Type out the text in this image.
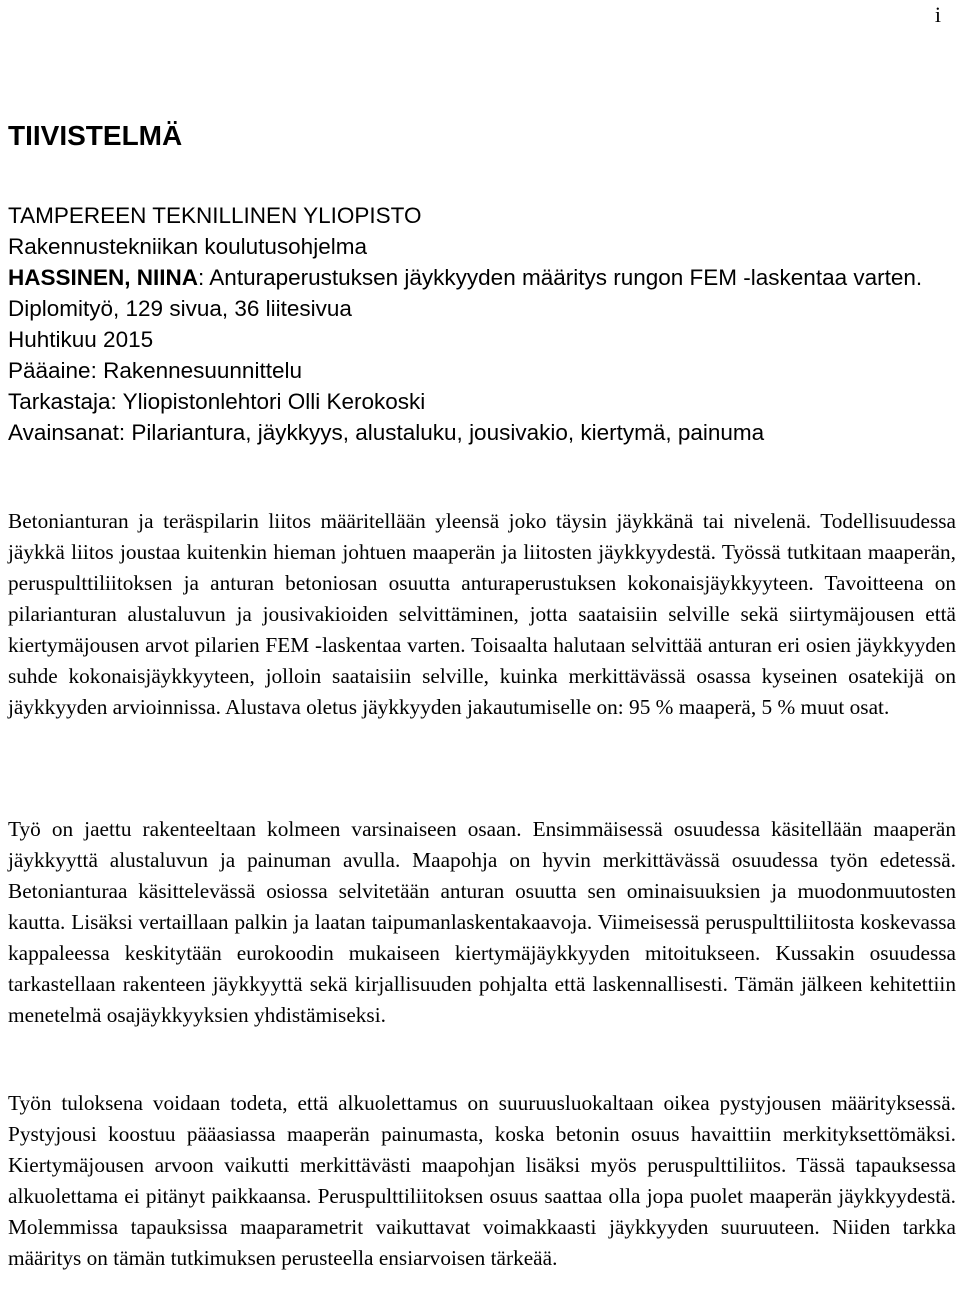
i
TIIVISTELMÄ
TAMPEREEN TEKNILLINEN YLIOPISTO
Rakennustekniikan koulutusohjelma
HASSINEN, NIINA: Anturaperustuksen jäykkyyden määritys rungon FEM -laskentaa varten.
Diplomityö, 129 sivua, 36 liitesivua
Huhtikuu 2015
Pääaine: Rakennesuunnittelu
Tarkastaja: Yliopistonlehtori Olli Kerokoski
Avainsanat: Pilariantura, jäykkyys, alustaluku, jousivakio, kiertymä, painuma

Betonianturan ja teräspilarin liitos määritellään yleensä joko täysin jäykkänä tai nivelenä. Todellisuudessa jäykkä liitos joustaa kuitenkin hieman johtuen maaperän ja liitosten jäykkyydestä. Työssä tutkitaan maaperän, peruspulttiliitoksen ja anturan betoniosan osuutta anturaperustuksen kokonaisjäykkyyteen. Tavoitteena on pilarianturan alustaluvun ja jousivakioiden selvittäminen, jotta saataisiin selville sekä siirtymäjousen että kiertymäjousen arvot pilarien FEM -laskentaa varten. Toisaalta halutaan selvittää anturan eri osien jäykkyyden suhde kokonaisjäykkyyteen, jolloin saataisiin selville, kuinka merkittävässä osassa kyseinen osatekijä on jäykkyyden arvioinnissa. Alustava oletus jäykkyyden jakautumiselle on: 95 % maaperä, 5 % muut osat.

Työ on jaettu rakenteeltaan kolmeen varsinaiseen osaan. Ensimmäisessä osuudessa käsitellään maaperän jäykkyyttä alustaluvun ja painuman avulla. Maapohja on hyvin merkittävässä osuudessa työn edetessä. Betonianturaa käsittelevässä osiossa selvitetään anturan osuutta sen ominaisuuksien ja muodonmuutosten kautta. Lisäksi vertaillaan palkin ja laatan taipumanlaskentakaavoja. Viimeisessä peruspulttiliitosta koskevassa kappaleessa keskitytään eurokoodin mukaiseen kiertymäjäykkyyden mitoitukseen. Kussakin osuudessa tarkastellaan rakenteen jäykkyyttä sekä kirjallisuuden pohjalta että laskennallisesti. Tämän jälkeen kehitettiin menetelmä osajäykkyyksien yhdistämiseksi.

Työn tuloksena voidaan todeta, että alkuolettamus on suuruusluokaltaan oikea pystyjousen määrityksessä. Pystyjousi koostuu pääasiassa maaperän painumasta, koska betonin osuus havaittiin merkityksettömäksi. Kiertymäjousen arvoon vaikutti merkittävästi maapohjan lisäksi myös peruspulttiliitos. Tässä tapauksessa alkuolettama ei pitänyt paikkaansa. Peruspulttiliitoksen osuus saattaa olla jopa puolet maaperän jäykkyydestä. Molemmissa tapauksissa maaparametrit vaikuttavat voimakkaasti jäykkyyden suuruuteen. Niiden tarkka määritys on tämän tutkimuksen perusteella ensiarvoisen tärkeää.
